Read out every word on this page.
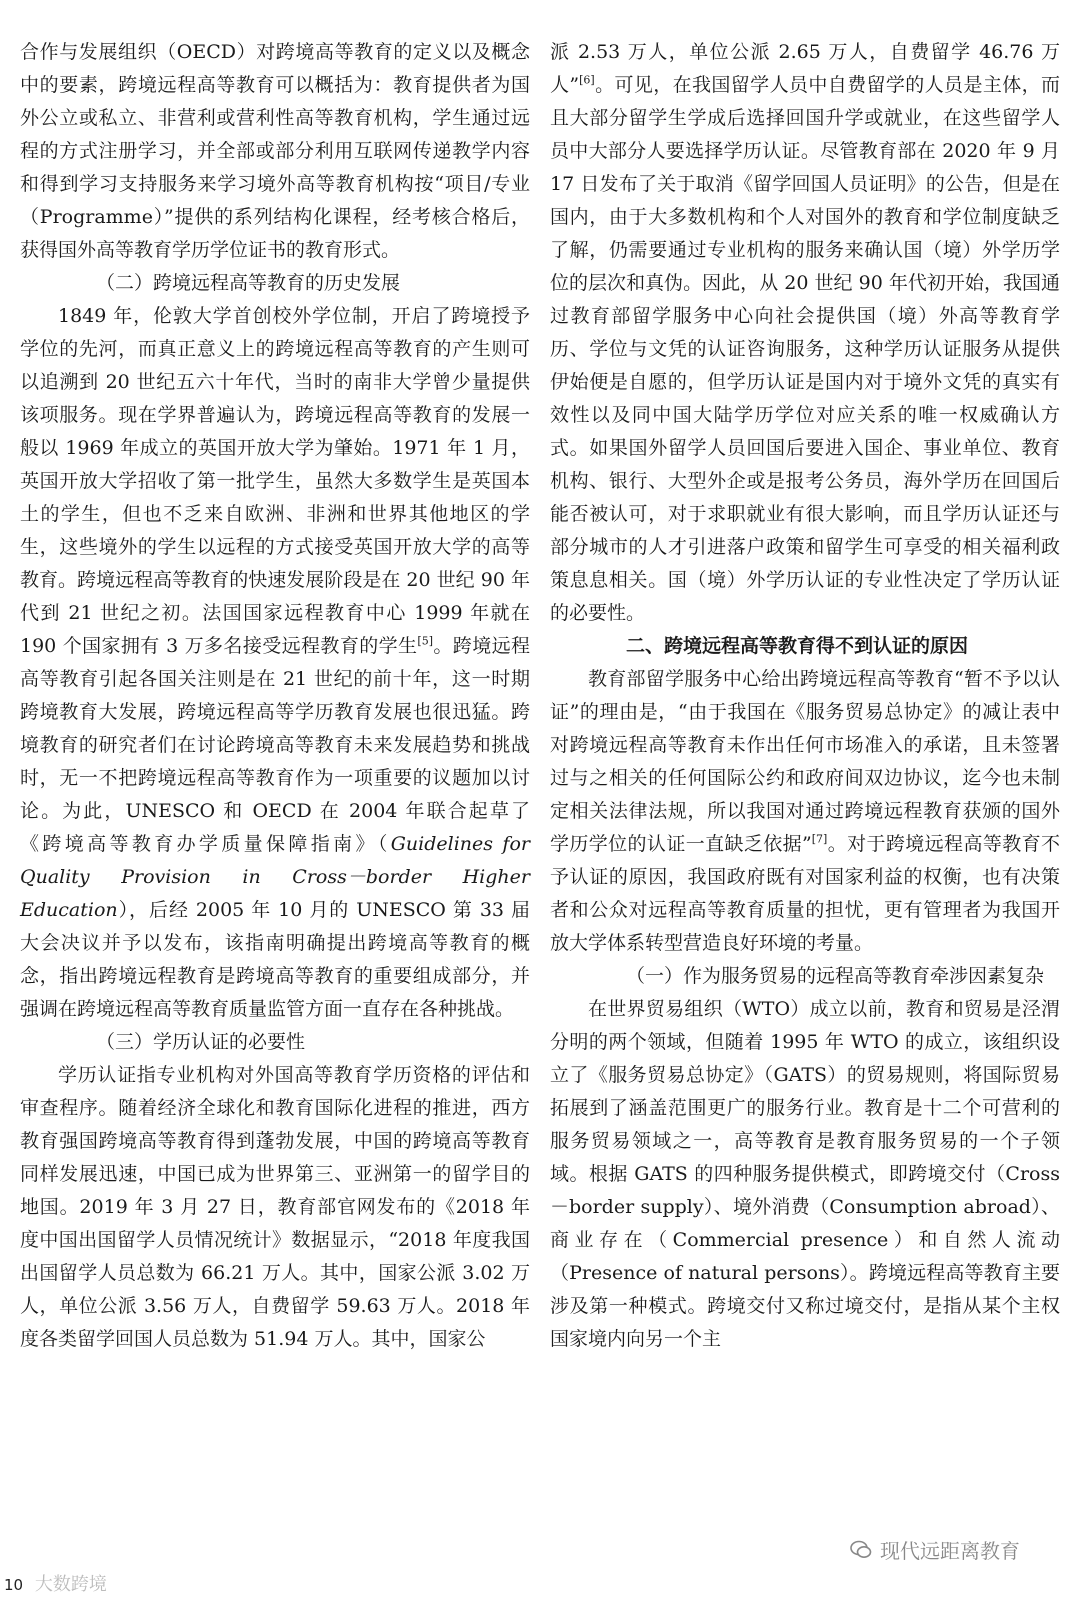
合作与发展组织（OECD）对跨境高等教育的定义以及概念中的要素，跨境远程高等教育可以概括为：教育提供者为国外公立或私立、非营利或营利性高等教育机构，学生通过远程的方式注册学习，并全部或部分利用互联网传递教学内容和得到学习支持服务来学习境外高等教育机构按“项目/专业（Programme）”提供的系列结构化课程，经考核合格后，获得国外高等教育学历学位证书的教育形式。

（二）跨境远程高等教育的历史发展

1849 年，伦敦大学首创校外学位制，开启了跨境授予学位的先河，而真正意义上的跨境远程高等教育的产生则可以追溯到 20 世纪五六十年代，当时的南非大学曾少量提供该项服务。现在学界普遍认为，跨境远程高等教育的发展一般以 1969 年成立的英国开放大学为肇始。1971 年 1 月，英国开放大学招收了第一批学生，虽然大多数学生是英国本土的学生，但也不乏来自欧洲、非洲和世界其他地区的学生，这些境外的学生以远程的方式接受英国开放大学的高等教育。跨境远程高等教育的快速发展阶段是在 20 世纪 90 年代到 21 世纪之初。法国国家远程教育中心 1999 年就在 190 个国家拥有 3 万多名接受远程教育的学生[5]。跨境远程高等教育引起各国关注则是在 21 世纪的前十年，这一时期跨境教育大发展，跨境远程高等学历教育发展也很迅猛。跨境教育的研究者们在讨论跨境高等教育未来发展趋势和挑战时，无一不把跨境远程高等教育作为一项重要的议题加以讨论。为此，UNESCO 和 OECD 在 2004 年联合起草了《跨境高等教育办学质量保障指南》（Guidelines for Quality Provision in Cross－border Higher Education），后经 2005 年 10 月的 UNESCO 第 33 届大会决议并予以发布，该指南明确提出跨境高等教育的概念，指出跨境远程教育是跨境高等教育的重要组成部分，并强调在跨境远程高等教育质量监管方面一直存在各种挑战。

（三）学历认证的必要性

学历认证指专业机构对外国高等教育学历资格的评估和审查程序。随着经济全球化和教育国际化进程的推进，西方教育强国跨境高等教育得到蓬勃发展，中国的跨境高等教育同样发展迅速，中国已成为世界第三、亚洲第一的留学目的地国。2019 年 3 月 27 日，教育部官网发布的《2018 年度中国出国留学人员情况统计》数据显示，“2018 年度我国出国留学人员总数为 66.21 万人。其中，国家公派 3.02 万人，单位公派 3.56 万人，自费留学 59.63 万人。2018 年度各类留学回国人员总数为 51.94 万人。其中，国家公

派 2.53 万人，单位公派 2.65 万人，自费留学 46.76 万人”[6]。可见，在我国留学人员中自费留学的人员是主体，而且大部分留学生学成后选择回国升学或就业，在这些留学人员中大部分人要选择学历认证。尽管教育部在 2020 年 9 月 17 日发布了关于取消《留学回国人员证明》的公告，但是在国内，由于大多数机构和个人对国外的教育和学位制度缺乏了解，仍需要通过专业机构的服务来确认国（境）外学历学位的层次和真伪。因此，从 20 世纪 90 年代初开始，我国通过教育部留学服务中心向社会提供国（境）外高等教育学历、学位与文凭的认证咨询服务，这种学历认证服务从提供伊始便是自愿的，但学历认证是国内对于境外文凭的真实有效性以及同中国大陆学历学位对应关系的唯一权威确认方式。如果国外留学人员回国后要进入国企、事业单位、教育机构、银行、大型外企或是报考公务员，海外学历在回国后能否被认可，对于求职就业有很大影响，而且学历认证还与部分城市的人才引进落户政策和留学生可享受的相关福利政策息息相关。国（境）外学历认证的专业性决定了学历认证的必要性。

二、跨境远程高等教育得不到认证的原因

教育部留学服务中心给出跨境远程高等教育“暂不予以认证”的理由是，“由于我国在《服务贸易总协定》的减让表中对跨境远程高等教育未作出任何市场准入的承诺，且未签署过与之相关的任何国际公约和政府间双边协议，迄今也未制定相关法律法规，所以我国对通过跨境远程教育获颁的国外学历学位的认证一直缺乏依据”[7]。对于跨境远程高等教育不予认证的原因，我国政府既有对国家利益的权衡，也有决策者和公众对远程高等教育质量的担忧，更有管理者为我国开放大学体系转型营造良好环境的考量。

（一）作为服务贸易的远程高等教育牵涉因素复杂

在世界贸易组织（WTO）成立以前，教育和贸易是泾渭分明的两个领域，但随着 1995 年 WTO 的成立，该组织设立了《服务贸易总协定》（GATS）的贸易规则，将国际贸易拓展到了涵盖范围更广的服务行业。教育是十二个可营利的服务贸易领域之一，高等教育是教育服务贸易的一个子领域。根据 GATS 的四种服务提供模式，即跨境交付（Cross－border supply）、境外消费（Consumption abroad）、商业存在（Commercial presence）和自然人流动（Presence of natural persons）。跨境远程高等教育主要涉及第一种模式。跨境交付又称过境交付，是指从某个主权国家境内向另一个主

10 大数跨境
现代远距离教育
